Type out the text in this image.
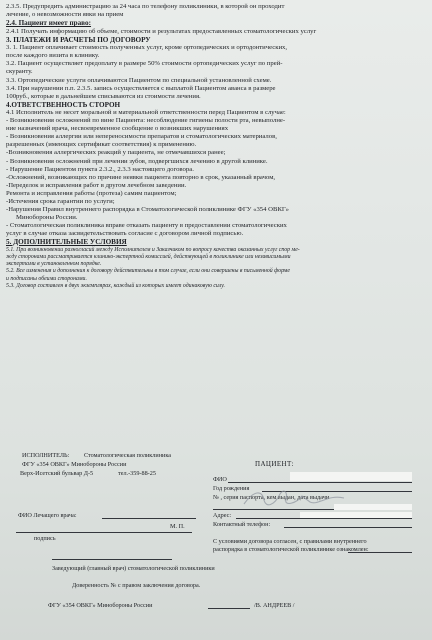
2.3.5. Предупредить администрацию за 24 часа по телефону поликлиники, в которой он проходит

лечение, о невозможности явки на прием

2.4. Пациент имеет право:

2.4.1 Получать информацию об объеме, стоимости и результатах предоставленных стоматологических услуг

3. ПЛАТЕЖИ И РАСЧЕТЫ ПО ДОГОВОРУ

3. 1. Пациент оплачивает стоимость полученных услуг, кроме ортопедических и ортодонтических,

после каждого визита в клинику.

3.2. Пациент осуществляет предоплату в размере 50% стоимости ортопедических услуг по прей-

скуранту.

3.3. Ортопедические услуги оплачиваются Пациентом по специальной установленной схеме.

3.4. При нарушении п.п. 2.3.5. запись осуществляется с выплатой Пациентом аванса в размере

100руб., которые в дальнейшем списываются из стоимости лечения.

4.ОТВЕТСТВЕННОСТЬ СТОРОН

4.1 Исполнитель не несет моральной и материальной ответственности перед Пациентом в случае:

- Возникновения осложнений по вине Пациента: несоблюдение гигиены полости рта, невыполне-

ние назначений врача, несвоевременное сообщение о возникших нарушениях

- Возникновения аллергии или непереносимости препаратов и стоматологических материалов,

разрешенных (имеющих сертификат соответствия) к применению.

-Возникновения аллергических реакций у пациента, не отмечавшихся ранее;

- Возникновения осложнений при лечении зубов, подвергшихся лечению в другой клинике.

- Нарушение Пациентом пункта 2.3.2., 2.3.3 настоящего договора.

-Осложнений, возникающих по причине неявки пациента повторно в срок, указанный врачом,

-Переделок и исправления работ в другом лечебном заведении.

Ремонта и исправления работы (протеза) самим пациентом;

-Истечения срока гарантии по услуги;

-Нарушения Правил внутреннего распорядка в Стоматологической поликлинике ФГУ «354 ОВКГ»

Минобороны России.

- Стоматологическая поликлиника вправе отказать пациенту в предоставлении стоматологических

услуг в случае отказа засвидетельствовать согласие с договором личной подписью.

5. ДОПОЛНИТЕЛЬНЫЕ УСЛОВИЯ

5.1. При возникновении разногласий между Исполнителем и Заказчиком по вопросу качества оказанных услуг спор ме-

жду сторонами рассматривается клинико-экспертной комиссией, действующей в поликлинике или независимыми

экспертами в установленном порядке.

5.2. Все изменения и дополнения к договору действительны в том случае, если они совершены в письменной форме

и подписаны обеими сторонами.

5.3. Договор составлен в двух экземплярах, каждый из которых имеет одинаковую силу.

ИСПОЛНИТЕЛЬ: Стоматологическая поликлиника

ФГУ «354 ОВКГ» Минобороны России

Верх-Исетский бульвар Д-5	тел.-359-88-25

ПАЦИЕНТ:

ФИО

Год рождения

№ , серия паспорта, кем выдан, дата выдачи

Адрес:

Контактный телефон:

С условиями договора согласен, с правилами внутреннего

распорядка в стоматологической поликлинике ознакомлен:

ФИО Лечащего врача:

подпись

М. П.

Заведующий (главный врач) стоматологической поликлиники

Доверенность № с правом заключения договора.

ФГУ «354 ОВКГ» Минобороны России	/В. АНДРЕЕВ /
